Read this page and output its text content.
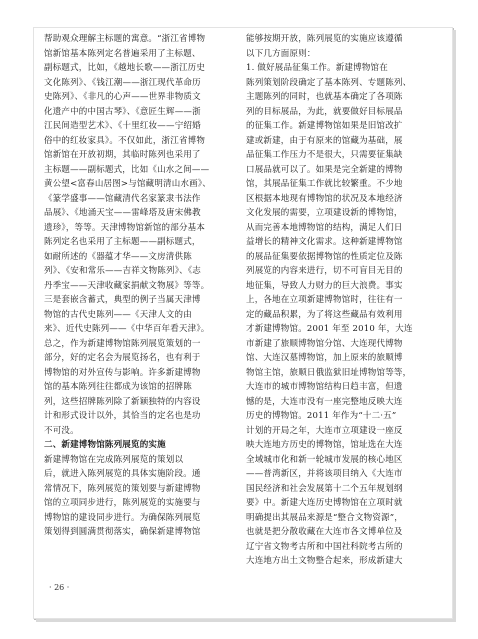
帮助观众理解主标题的寓意。“浙江省博物
馆新馆基本陈列定名普遍采用了主标题、
副标题式，比如，《越地长歌——浙江历史
文化陈列》、《钱江潮——浙江现代革命历
史陈列》、《非凡的心声——世界非物质文
化遗产中的中国古琴》、《意匠生辉——浙
江民间造型艺术》、《十里红妆——宁绍婚
俗中的红妆家具》。不仅如此，浙江省博物
馆新馆在开放初期，其临时陈列也采用了
主标题——副标题式，比如《山水之间——
黄公望<富春山居图>与馆藏明清山水画》、
《篆学盛事——馆藏清代名家篆隶书法作
品展》、《地涌天宝——雷峰塔及唐宋佛教
遗珍》，等等。天津博物馆新馆的部分基本
陈列定名也采用了主标题——副标题式，
如耐所述的《器蕴才华——文房清供陈
列》、《安和常乐——吉祥文物陈列》、《志
丹季宝——天津收藏家捐献文物展》等等。
三是套嵌含蓄式，典型的例子当属天津博
物馆的古代史陈列——《天津人文的由
来》、近代史陈列——《中华百年看天津》。
总之，作为新建博物馆陈列展览策划的一
部分，好的定名会为展览扬名，也有利于
博物馆的对外宣传与影响。许多新建博物
馆的基本陈列往往都成为该馆的招牌陈
列，这些招牌陈列除了新颖独特的内容设
计和形式设计以外，其恰当的定名也是功
不可没。
二、新建博物馆陈列展览的实施
新建博物馆在完成陈列展览的策划以
后，就进入陈列展览的具体实施阶段。通
常情况下，陈列展览的策划要与新建博物
馆的立项同步进行，陈列展览的实施要与
博物馆的建设同步进行。为确保陈列展览
策划得到圆满贯彻落实，确保新建博物馆
能够按期开放，陈列展览的实施应该遵循
以下几方面原则：
1. 做好展品征集工作。新建博物馆在
陈列策划阶段确定了基本陈列、专题陈列、
主题陈列的同时，也就基本确定了各项陈
列的目标展品，为此，就要做好目标展品
的征集工作。新建博物馆如果是旧馆改扩
建或新建，由于有原来的馆藏为基础，展
品征集工作压力不是很大，只需要征集缺
口展品就可以了。如果是完全新建的博物
馆，其展品征集工作就比较繁重。不少地
区根据本地现有博物馆的状况及本地经济
文化发展的需要，立项建设新的博物馆，
从而完善本地博物馆的结构，满足人们日
益增长的精神文化需求。这种新建博物馆
的展品征集要依据博物馆的性质定位及陈
列展览的内容来进行，切不可盲目无目的
地征集，导致人力财力的巨大浪费。事实
上，各地在立项新建博物馆时，往往有一
定的藏品积累，为了将这些藏品有效利用
才新建博物馆。2001 年至 2010 年，大连
市新建了旅顺博物馆分馆、大连现代博物
馆、大连汉墓博物馆，加上原来的旅顺博
物馆主馆，旅顺日俄监狱旧址博物馆等等，
大连市的城市博物馆结构日趋丰富，但遗
憾的是，大连市没有一座完整地反映大连
历史的博物馆。2011 年作为“十二·五”
计划的开局之年，大连市立项建设一座反
映大连地方历史的博物馆，馆址选在大连
全域城市化和新一轮城市发展的核心地区
——普湾新区，并将该项目纳入《大连市
国民经济和社会发展第十二个五年规划纲
要》中。新建大连历史博物馆在立项时就
明确提出其展品来源是“整合文物资源”，
也就是把分散收藏在大连市各文博单位及
辽宁省文物考古所和中国社科院考古所的
大连地方出土文物整合起来，形成新建大
· 26 ·
